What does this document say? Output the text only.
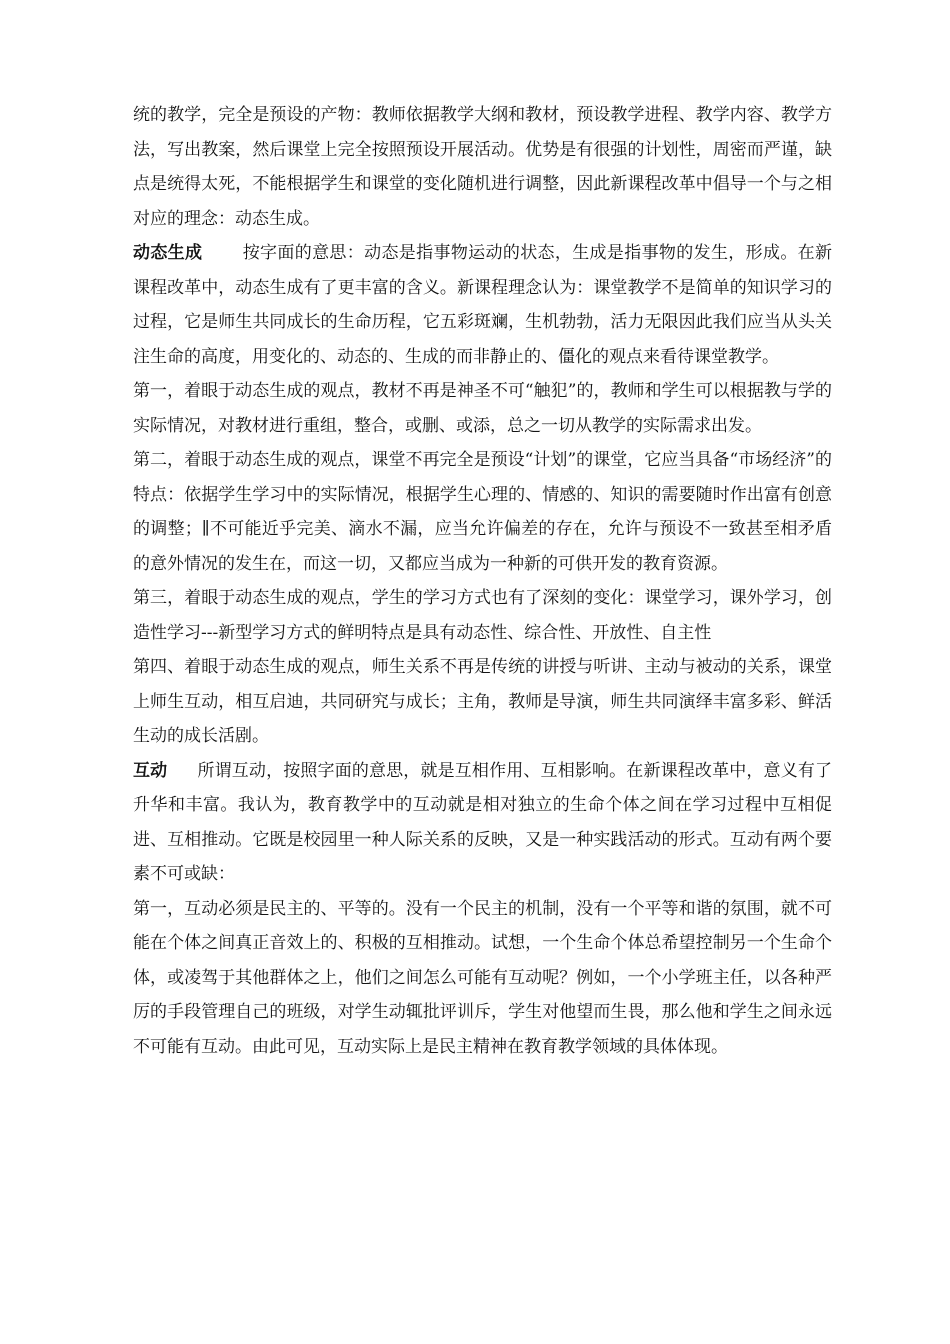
统的教学，完全是预设的产物：教师依据教学大纲和教材，预设教学进程、教学内容、教学方法，写出教案，然后课堂上完全按照预设开展活动。优势是有很强的计划性，周密而严谨，缺点是统得太死，不能根据学生和课堂的变化随机进行调整，因此新课程改革中倡导一个与之相对应的理念：动态生成。

动态生成 按字面的意思：动态是指事物运动的状态，生成是指事物的发生，形成。在新课程改革中，动态生成有了更丰富的含义。新课程理念认为：课堂教学不是简单的知识学习的过程，它是师生共同成长的生命历程，它五彩斑斓，生机勃勃，活力无限因此我们应当从头关注生命的高度，用变化的、动态的、生成的而非静止的、僵化的观点来看待课堂教学。

第一，着眼于动态生成的观点，教材不再是神圣不可“触犯”的，教师和学生可以根据教与学的实际情况，对教材进行重组，整合，或删、或添，总之一切从教学的实际需求出发。

第二，着眼于动态生成的观点，课堂不再完全是预设“计划”的课堂，它应当具备“市场经济”的特点：依据学生学习中的实际情况，根据学生心理的、情感的、知识的需要随时作出富有创意的调整；∥不可能近乎完美、滴水不漏，应当允许偏差的存在，允许与预设不一致甚至相矛盾的意外情况的发生在，而这一切，又都应当成为一种新的可供开发的教育资源。

第三，着眼于动态生成的观点，学生的学习方式也有了深刻的变化：课堂学习，课外学习，创造性学习---新型学习方式的鲜明特点是具有动态性、综合性、开放性、自主性

第四、着眼于动态生成的观点，师生关系不再是传统的讲授与听讲、主动与被动的关系，课堂上师生互动，相互启迪，共同研究与成长；主角，教师是导演，师生共同演绎丰富多彩、鲜活生动的成长活剧。

互动 所谓互动，按照字面的意思，就是互相作用、互相影响。在新课程改革中，意义有了升华和丰富。我认为，教育教学中的互动就是相对独立的生命个体之间在学习过程中互相促进、互相推动。它既是校园里一种人际关系的反映，又是一种实践活动的形式。互动有两个要素不可或缺：

第一，互动必须是民主的、平等的。没有一个民主的机制，没有一个平等和谐的氛围，就不可能在个体之间真正音效上的、积极的互相推动。试想，一个生命个体总希望控制另一个生命个体，或凌驾于其他群体之上，他们之间怎么可能有互动呢？例如，一个小学班主任，以各种严厉的手段管理自己的班级，对学生动辄批评训斥，学生对他望而生畏，那么他和学生之间永远不可能有互动。由此可见，互动实际上是民主精神在教育教学领域的具体体现。
